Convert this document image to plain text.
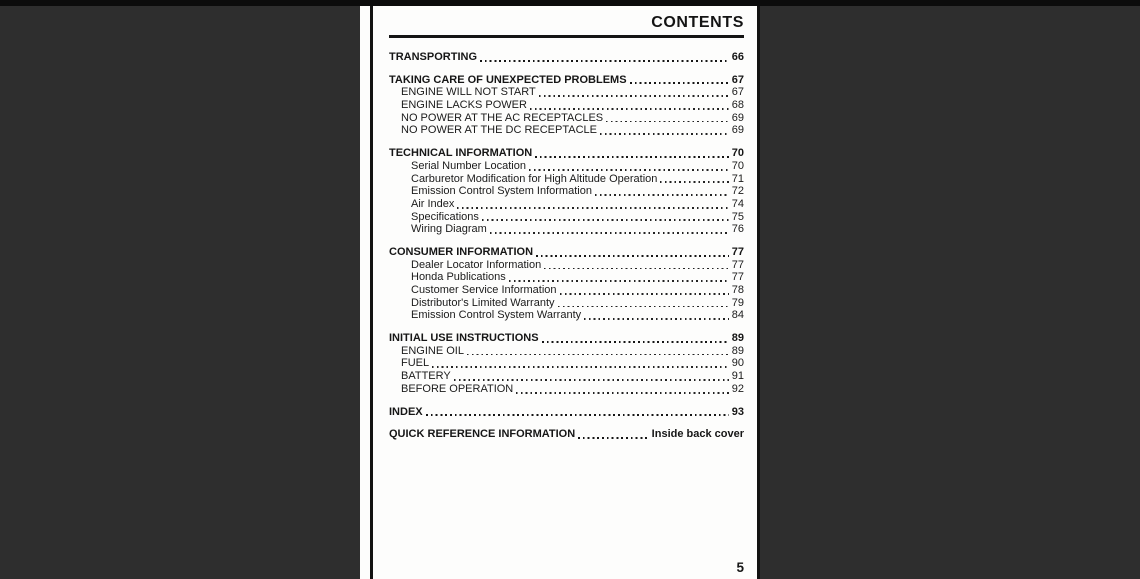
CONTENTS
TRANSPORTING	66
TAKING CARE OF UNEXPECTED PROBLEMS	67
ENGINE WILL NOT START	67
ENGINE LACKS POWER	68
NO POWER AT THE AC RECEPTACLES	69
NO POWER AT THE DC RECEPTACLE	69
TECHNICAL INFORMATION	70
Serial Number Location	70
Carburetor Modification for High Altitude Operation	71
Emission Control System Information	72
Air Index	74
Specifications	75
Wiring Diagram	76
CONSUMER INFORMATION	77
Dealer Locator Information	77
Honda Publications	77
Customer Service Information	78
Distributor's Limited Warranty	79
Emission Control System Warranty	84
INITIAL USE INSTRUCTIONS	89
ENGINE OIL	89
FUEL	90
BATTERY	91
BEFORE OPERATION	92
INDEX	93
QUICK REFERENCE INFORMATION	Inside back cover
5
